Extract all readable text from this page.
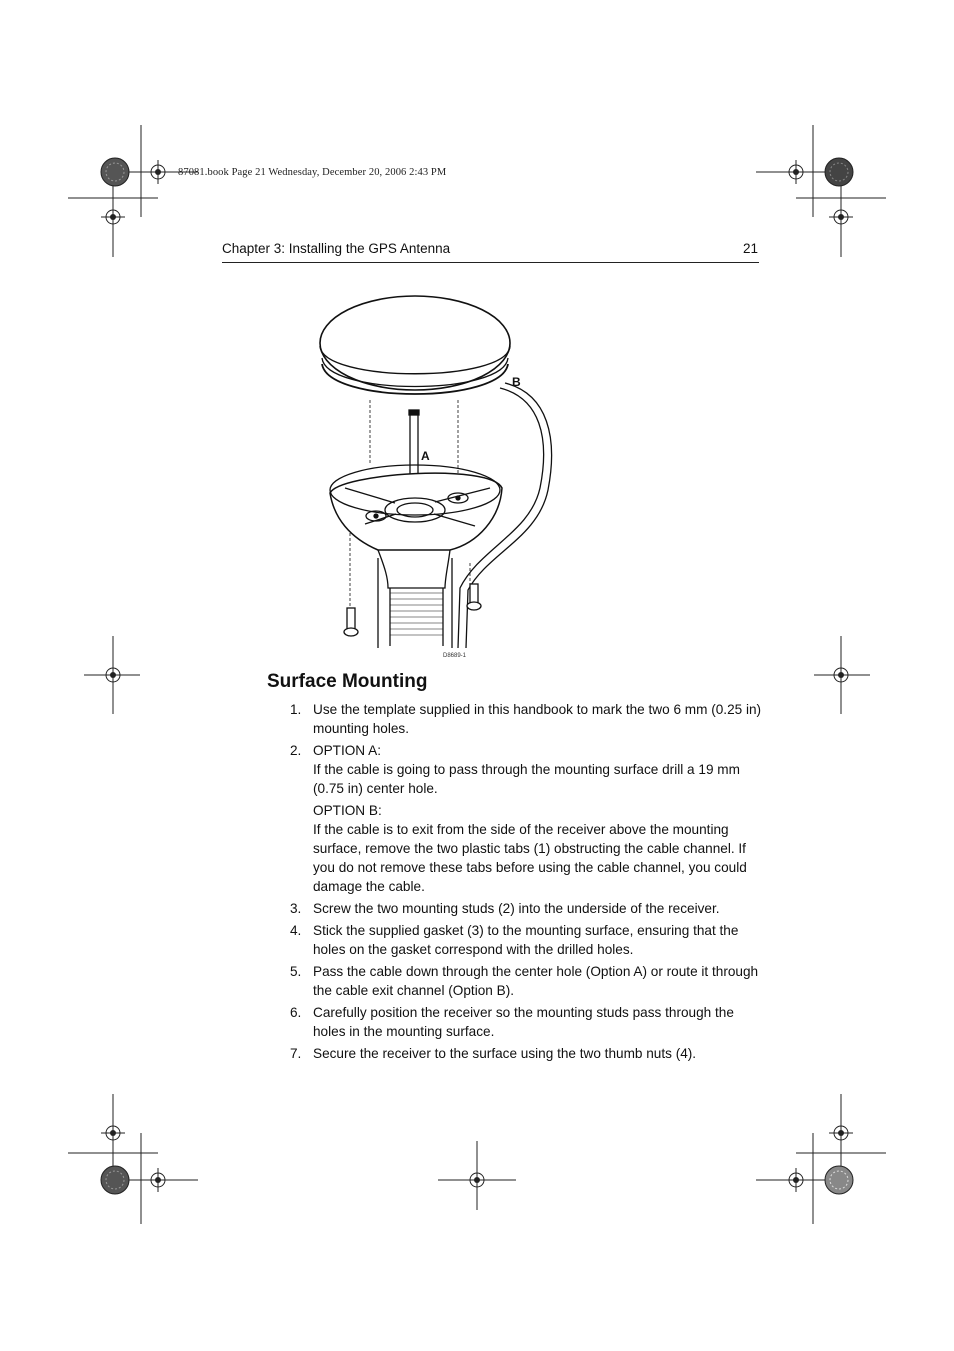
87081.book Page 21 Wednesday, December 20, 2006 2:43 PM
Chapter 3: Installing the GPS Antenna	21
A
B
D8689-1
Surface Mounting
1. Use the template supplied in this handbook to mark the two 6 mm (0.25 in) mounting holes.

2. OPTION A:

If the cable is going to pass through the mounting surface drill a 19 mm (0.75 in) center hole.

OPTION B:

If the cable is to exit from the side of the receiver above the mounting surface, remove the two plastic tabs (1) obstructing the cable channel. If you do not remove these tabs before using the cable channel, you could damage the cable.

3. Screw the two mounting studs (2) into the underside of the receiver.

4. Stick the supplied gasket (3) to the mounting surface, ensuring that the holes on the gasket correspond with the drilled holes.

5. Pass the cable down through the center hole (Option A) or route it through the cable exit channel (Option B).

6. Carefully position the receiver so the mounting studs pass through the holes in the mounting surface.

7. Secure the receiver to the surface using the two thumb nuts (4).
